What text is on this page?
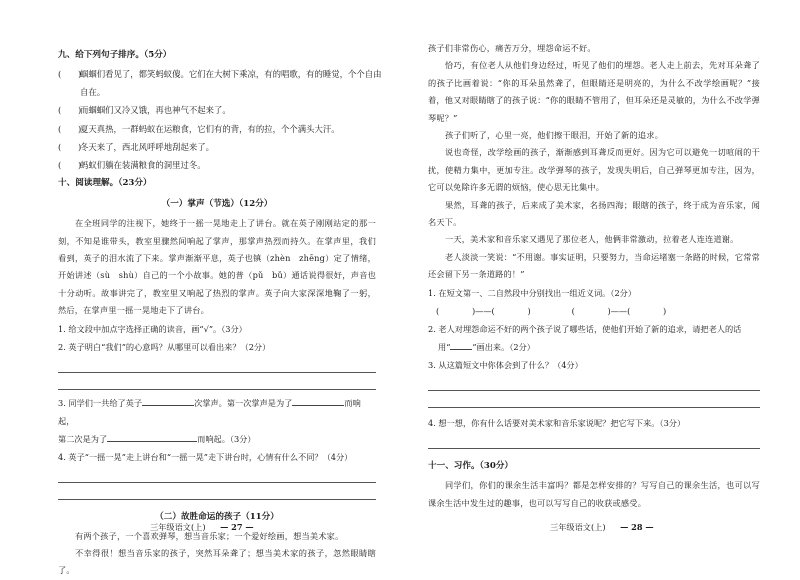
九、给下列句子排序。（5分）
(　　)蝈蝈们看见了，都笑蚂蚁傻。它们在大树下乘凉，有的唱歌，有的睡觉，个个自由
自在。
(　　)而蝈蝈们又冷又饿，再也神气不起来了。
(　　)夏天真热，一群蚂蚁在运粮食，它们有的背，有的拉，个个满头大汗。
(　　)冬天来了，西北风呼呼地刮起来了。
(　　)蚂蚁们躺在装满粮食的洞里过冬。
十、阅读理解。（23分）
（一）掌声（节选）（12分）

在全班同学的注视下，她终于一摇一晃地走上了讲台。就在英子刚刚站定的那一刻，不知是谁带头，教室里骤然间响起了掌声，那掌声热烈而持久。在掌声里，我们看到，英子的泪水流了下来。掌声渐渐平息，英子也镇（zhèn　zhēng）定了情绪，开始讲述（sù　shù）自己的一个小故事。她的普（pǔ　bǔ）通话说得很好，声音也十分动听。故事讲完了，教室里又响起了热烈的掌声。英子向大家深深地鞠了一躬，然后，在掌声里一摇一晃地走下了讲台。

1. 给文段中加点字选择正确的读音，画“√”。（3分）
2. 英子明白“我们”的心意吗？从哪里可以看出来？（2分）
3. 同学们一共给了英子	次掌声。第一次掌声是为了	而响起，
第二次是为了	而响起。（3分）
4. 英子“一摇一晃”走上讲台和“一摇一晃”走下讲台时，心情有什么不同？（4分）
（二）故胜命运的孩子（11分）

有两个孩子，一个喜欢弹琴，想当音乐家；一个爱好绘画，想当美术家。

不幸得很！想当音乐家的孩子，突然耳朵聋了；想当美术家的孩子，忽然眼睛瞎了。

三年级语文(上) — 27 —

孩子们非常伤心，痛苦万分，埋怨命运不好。

恰巧，有位老人从他们身边经过，听见了他们的埋怨。老人走上前去，先对耳朵聋了的孩子比画着说：“你的耳朵虽然聋了，但眼睛还是明亮的，为什么不改学绘画呢？”接着，他又对眼睛瞎了的孩子说：“你的眼睛不管用了，但耳朵还是灵敏的，为什么不改学弹琴呢？”

孩子们听了，心里一亮，他们擦干眼泪，开始了新的追求。

说也奇怪，改学绘画的孩子，渐渐感到耳聋反而更好。因为它可以避免一切喧闹的干扰，使精力集中，更加专注。改学弹琴的孩子，发现失明后，自己弹琴更加专注，因为，它可以免除许多无谓的烦恼，使心思无比集中。

果然，耳聋的孩子，后来成了美术家，名扬四海；眼瞎的孩子，终于成为音乐家，闻名天下。

一天，美术家和音乐家又遇见了那位老人，他俩非常激动，拉着老人连连道谢。

老人淡淡一笑说：“不用谢。事实证明，只要努力，当命运堵塞一条路的时候，它常常还会留下另一条道路的！”

1. 在短文第一、二自然段中分别找出一组近义词。（2分）
(　　　　)——(　　　　)　　　　　(　　　　)——(　　　　)
2. 老人对埋怨命运不好的两个孩子说了哪些话，使他们开始了新的追求，请把老人的话
用“	”画出来。（2分）
3. 从这篇短文中你体会到了什么？（4分）
4. 想一想，你有什么话要对美术家和音乐家说呢？把它写下来。（3分）
十一、习作。（30分）

同学们，你们的课余生活丰富吗？都是怎样安排的？写写自己的课余生活，也可以写课余生活中发生过的趣事，也可以写写自己的收获或感受。

三年级语文(上) — 28 —
